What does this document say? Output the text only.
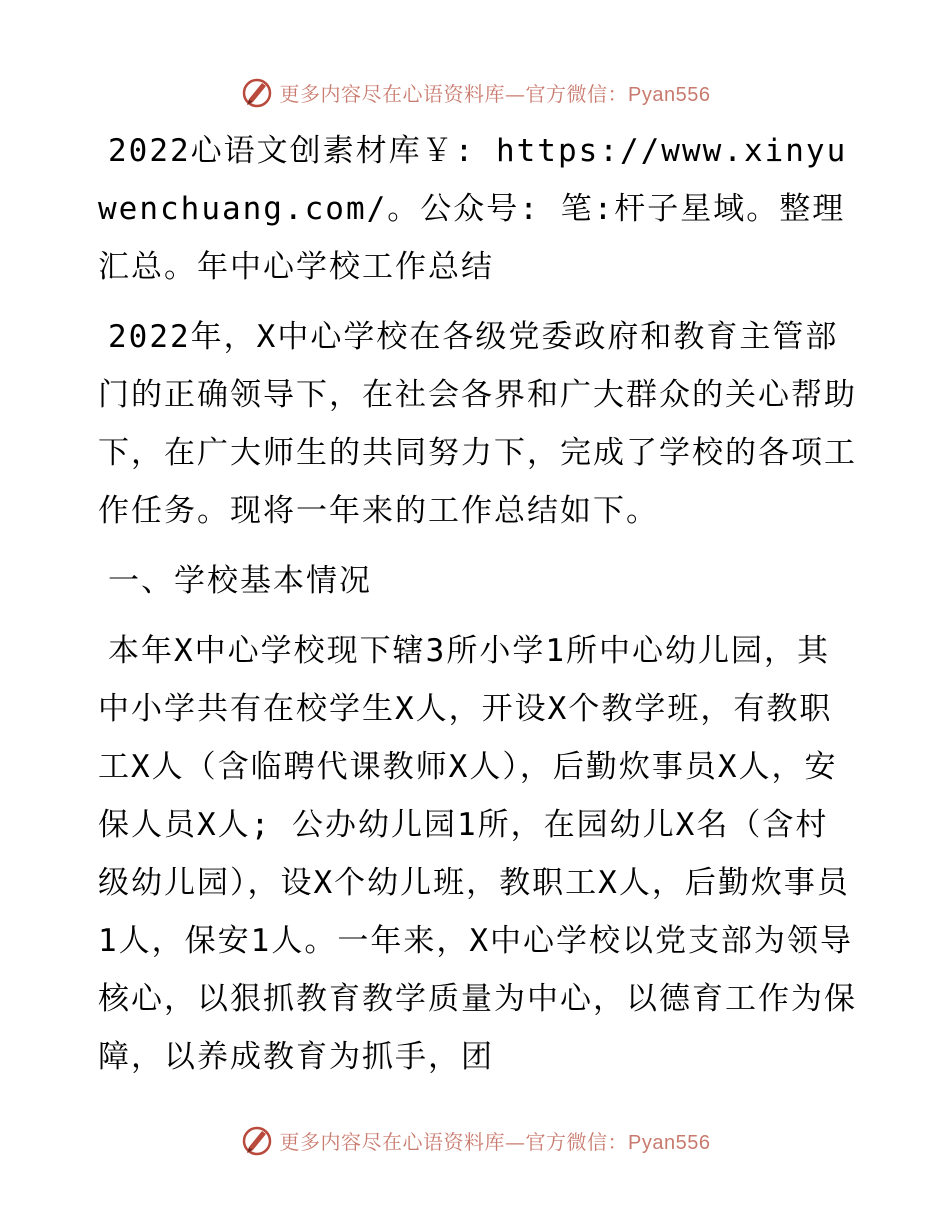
更多内容尽在心语资料库—官方微信：Pyan556

2022心语文创素材库￥: https://www.xinyuwenchuang.com/。公众号: 笔:杆子星域。整理汇总。年中心学校工作总结

2022年，X中心学校在各级党委政府和教育主管部门的正确领导下，在社会各界和广大群众的关心帮助下，在广大师生的共同努力下，完成了学校的各项工作任务。现将一年来的工作总结如下。

一、学校基本情况

本年X中心学校现下辖3所小学1所中心幼儿园，其中小学共有在校学生X人，开设X个教学班，有教职工X人（含临聘代课教师X人），后勤炊事员X人，安保人员X人; 公办幼儿园1所，在园幼儿X名（含村级幼儿园），设X个幼儿班，教职工X人，后勤炊事员1人，保安1人。一年来，X中心学校以党支部为领导核心，以狠抓教育教学质量为中心，以德育工作为保障，以养成教育为抓手，团

更多内容尽在心语资料库—官方微信：Pyan556
